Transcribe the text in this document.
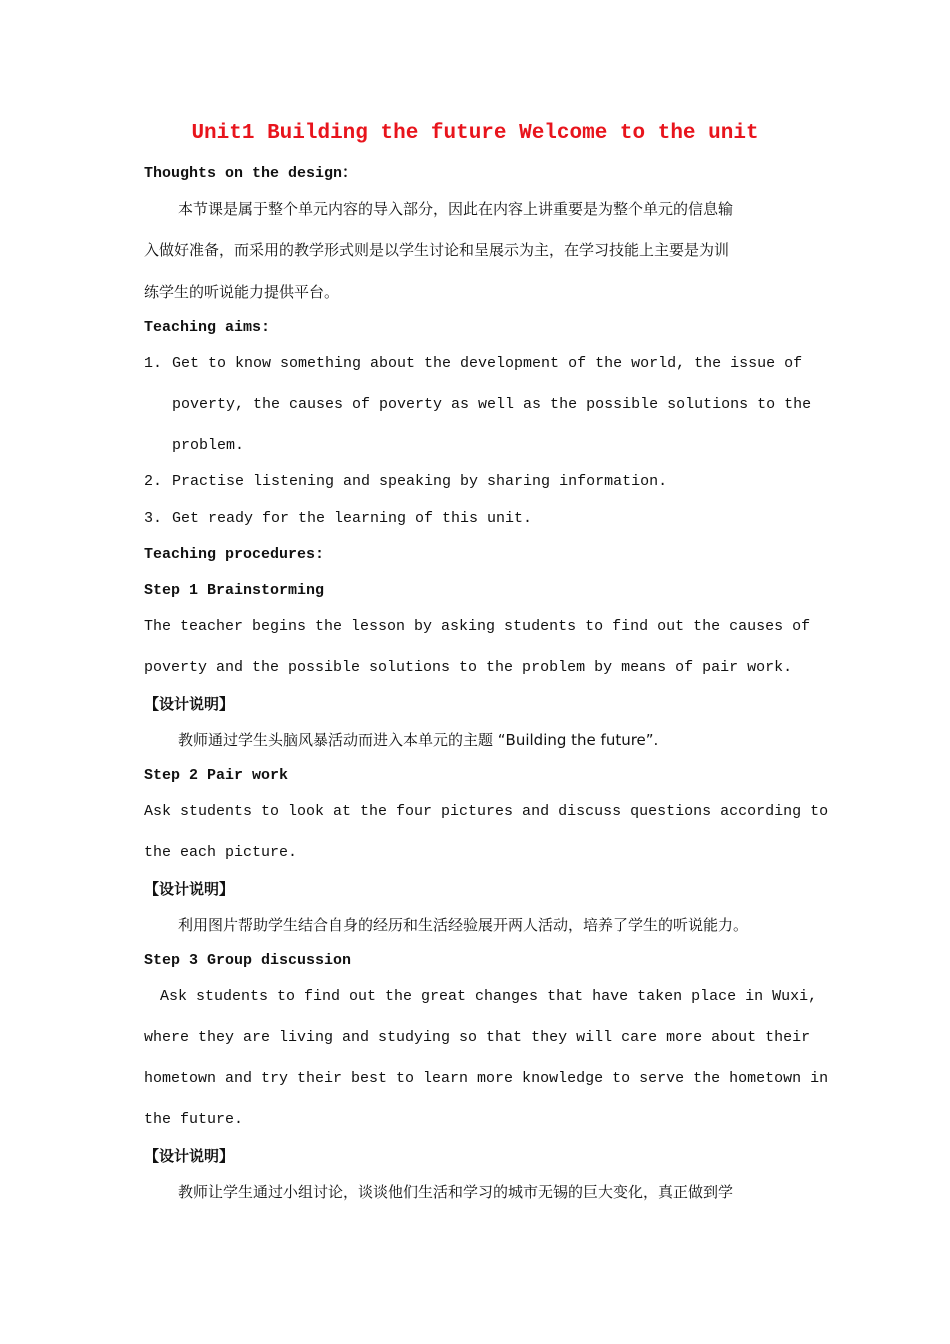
Unit1 Building the future Welcome to the unit
Thoughts on the design：
本节课是属于整个单元内容的导入部分，因此在内容上讲重要是为整个单元的信息输
入做好准备，而采用的教学形式则是以学生讨论和呈展示为主，在学习技能上主要是为训
练学生的听说能力提供平台。
Teaching aims:
1. Get to know something about the development of the world, the issue of
poverty, the causes of poverty as well as the possible solutions to the
problem.
2. Practise listening and speaking by sharing information.
3. Get ready for the learning of this unit.
Teaching procedures:
Step 1 Brainstorming
The teacher begins the lesson by asking students to find out the causes of
poverty and the possible solutions to the problem by means of pair work.
【设计说明】
教师通过学生头脑风暴活动而进入本单元的主题 “Building the future”.
Step 2 Pair work
Ask students to look at the four pictures and discuss questions according to
the each picture.
【设计说明】
利用图片帮助学生结合自身的经历和生活经验展开两人活动，培养了学生的听说能力。
Step 3 Group discussion
Ask students to find out the great changes that have taken place in Wuxi,
where they are living and studying so that they will care more about their
hometown and try their best to learn more knowledge to serve the hometown in
the future.
【设计说明】
教师让学生通过小组讨论，谈谈他们生活和学习的城市无锡的巨大变化，真正做到学
